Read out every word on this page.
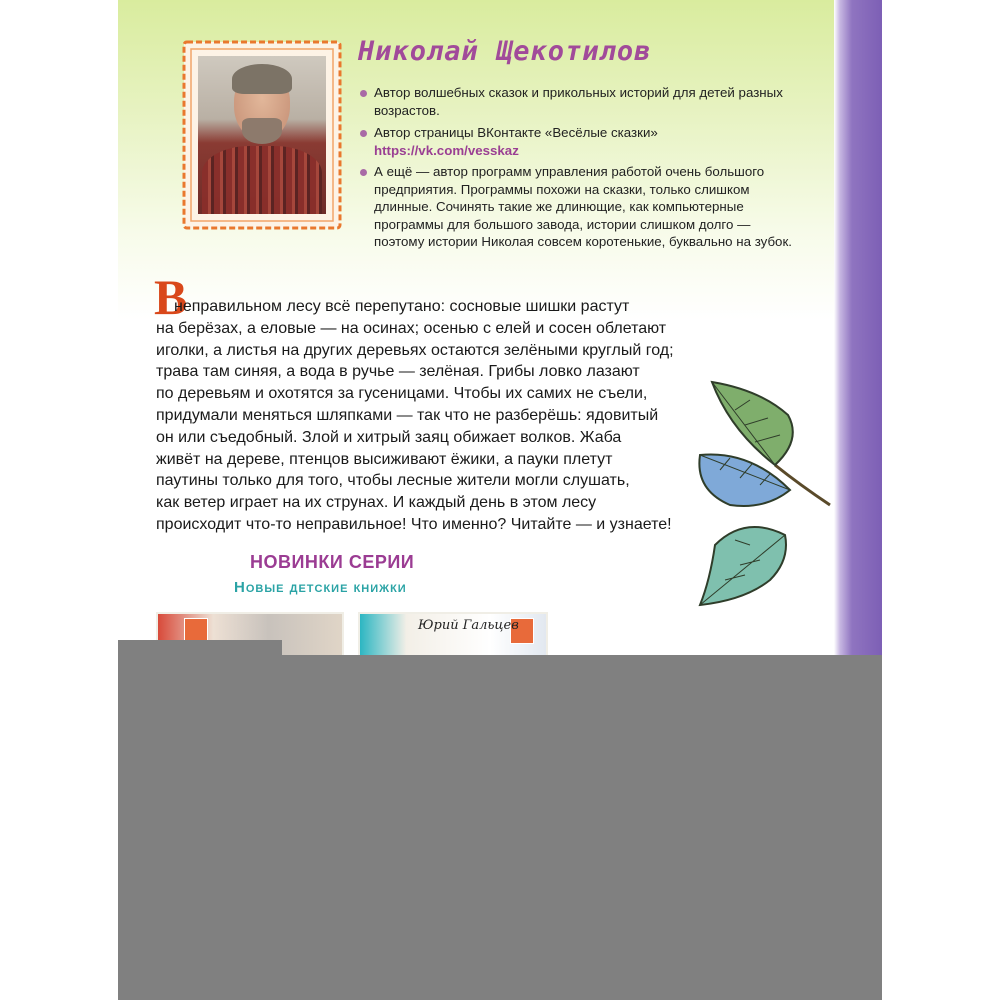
Николай Щекотилов
Автор волшебных сказок и прикольных историй для детей разных возрастов.
Автор страницы ВКонтакте «Весёлые сказки»
https://vk.com/vesskaz
А ещё — автор программ управления работой очень большого предприятия. Программы похожи на сказки, только слишком длинные. Сочинять такие же длинющие, как компьютерные программы для большого завода, истории слишком долго — поэтому истории Николая совсем коротенькие, буквально на зубок.
В
неправильном лесу всё перепутано: сосновые шишки растут
на берёзах, а еловые — на осинах; осенью с елей и сосен облетают
иголки, а листья на других деревьях остаются зелёными круглый год;
трава там синяя, а вода в ручье — зелёная. Грибы ловко лазают
по деревьям и охотятся за гусеницами. Чтобы их самих не съели,
придумали меняться шляпками — так что не разберёшь: ядовитый
он или съедобный. Злой и хитрый заяц обижает волков. Жаба
живёт на дереве, птенцов высиживают ёжики, а пауки плетут
паутины только для того, чтобы лесные жители могли слушать,
как ветер играет на их струнах. И каждый день в этом лесу
происходит что-то неправильное! Что именно? Читайте — и узнаете!
НОВИНКИ СЕРИИ
Новые детские книжки
Юрий Гальцев
